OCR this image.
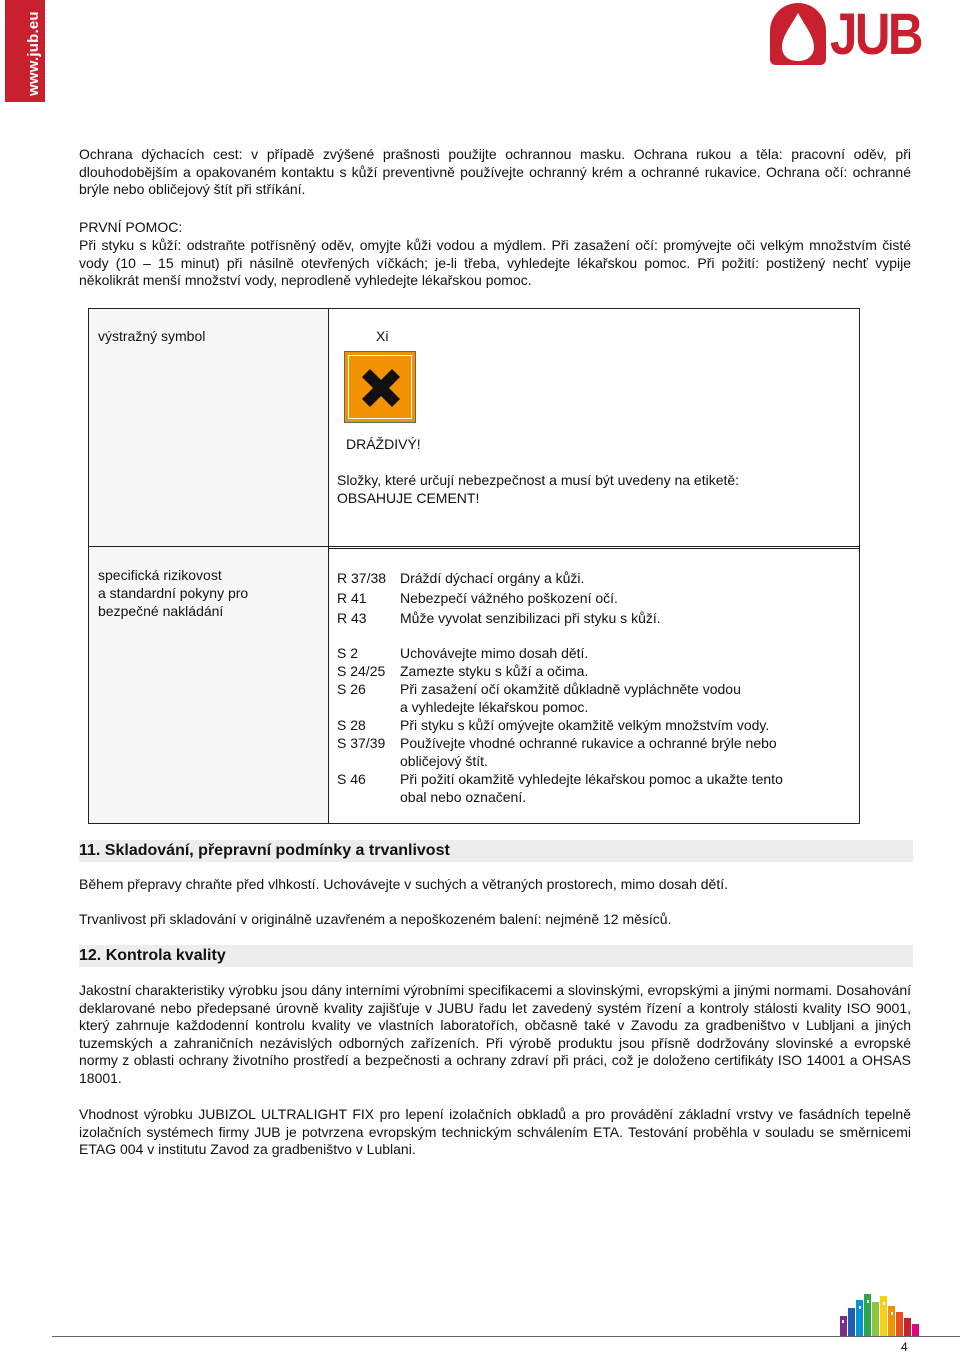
www.jub.eu	JUB

Ochrana dýchacích cest: v případě zvýšené prašnosti použijte ochrannou masku. Ochrana rukou a těla: pracovní oděv, při dlouhodobějším a opakovaném kontaktu s kůží preventivně používejte ochranný krém a ochranné rukavice. Ochrana očí: ochranné brýle nebo obličejový štít při stříkání.

PRVNÍ POMOC:

Při styku s kůží: odstraňte potřísněný oděv, omyjte kůži vodou a mýdlem. Při zasažení očí: promývejte oči velkým množstvím čisté vody (10 – 15 minut) při násilně otevřených víčkách; je-li třeba, vyhledejte lékařskou pomoc. Při požití: postižený nechť vypije několikrát menší množství vody, neprodleně vyhledejte lékařskou pomoc.

výstražný symbol	Xi
DRÁŽDIVÝ!
Složky, které určují nebezpečnost a musí být uvedeny na etiketě:
OBSAHUJE CEMENT!
specifická rizikovost
a standardní pokyny pro
bezpečné nakládání
R 37/38 Dráždí dýchací orgány a kůži.
R 41	Nebezpečí vážného poškození očí.
R 43	Může vyvolat senzibilizaci při styku s kůží.
S 2	Uchovávejte mimo dosah dětí.
S 24/25	Zamezte styku s kůží a očima.
S 26	Při zasažení očí okamžitě důkladně vypláchněte vodou
a vyhledejte lékařskou pomoc.
S 28	Při styku s kůží omývejte okamžitě velkým množstvím vody.
S 37/39	Používejte vhodné ochranné rukavice a ochranné brýle nebo
obličejový štít.
S 46	Při požití okamžitě vyhledejte lékařskou pomoc a ukažte tento
obal nebo označení.
11. Skladování, přepravní podmínky a trvanlivost

Během přepravy chraňte před vlhkostí. Uchovávejte v suchých a větraných prostorech, mimo dosah dětí.

Trvanlivost při skladování v originálně uzavřeném a nepoškozeném balení: nejméně 12 měsíců.

12. Kontrola kvality

Jakostní charakteristiky výrobku jsou dány interními výrobními specifikacemi a slovinskými, evropskými a jinými normami. Dosahování deklarované nebo předepsané úrovně kvality zajišťuje v JUBU řadu let zavedený systém řízení a kontroly stálosti kvality ISO 9001, který zahrnuje každodenní kontrolu kvality ve vlastních laboratořích, občasně také v Zavodu za gradbeništvo v Lubljani a jiných tuzemských a zahraničních nezávislých odborných zařízeních. Při výrobě produktu jsou přísně dodržovány slovinské a evropské normy z oblasti ochrany životního prostředí a bezpečnosti a ochrany zdraví při práci, což je doloženo certifikáty ISO 14001 a OHSAS 18001.

Vhodnost výrobku JUBIZOL ULTRALIGHT FIX pro lepení izolačních obkladů a pro provádění základní vrstvy ve fasádních tepelně izolačních systémech firmy JUB je potvrzena evropským technickým schválením ETA. Testování proběhla v souladu se směrnicemi ETAG 004 v institutu Zavod za gradbeništvo v Lublani.

4
